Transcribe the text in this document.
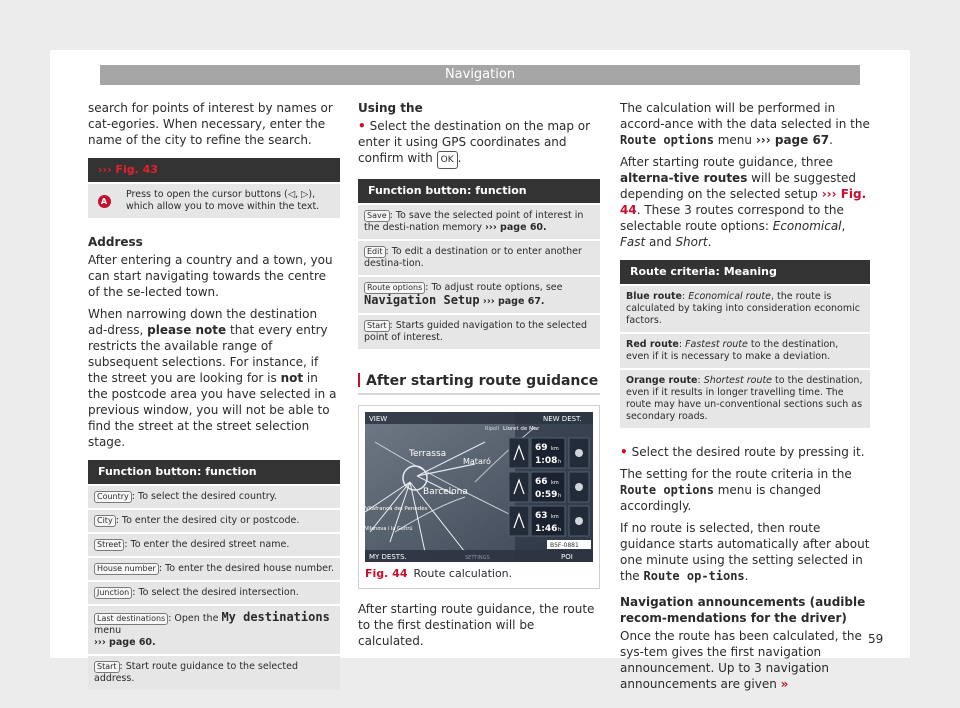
Navigation

search for points of interest by names or cat-egories. When necessary, enter the name of the city to refine the search.

››› Fig. 43
A	Press to open the cursor buttons (◁, ▷), which allow you to move within the text.

Address

After entering a country and a town, you can start navigating towards the centre of the se-lected town.

When narrowing down the destination ad-dress, please note that every entry restricts the available range of subsequent selections. For instance, if the street you are looking for is not in the postcode area you have selected in a previous window, you will not be able to find the street at the street selection stage.

Function button: function
Country : To select the desired country.
City : To enter the desired city or postcode.
Street : To enter the desired street name.
House number : To enter the desired house number.
Junction : To select the desired intersection.
Last destinations : Open the My destinations menu
››› page 60.
Start : Start route guidance to the selected address.

Using the

• Select the destination on the map or enter it using GPS coordinates and confirm with OK .

Function button: function
Save : To save the selected point of interest in the desti-nation memory ››› page 60.
Edit : To edit a destination or to enter another destina-tion.
Route options : To adjust route options, see Navigation Setup ››› page 67.
Start : Starts guided navigation to the selected point of interest.
After starting route guidance
VIEW	NEW DEST.
MY DESTS.	SETTINGS	POI
Lloret de Mar
Terrassa
Mataró
Barcelona
Vilafranca del Penedès
Vilanova i la Geltrú
Ripoll
69 km
1:08 h
66 km
0:59 h
63 km
1:46 h
B5F-0881
Fig. 44 Route calculation.

After starting route guidance, the route to the first destination will be calculated.

The calculation will be performed in accord-ance with the data selected in the Route options menu ››› page 67.

After starting route guidance, three alterna-tive routes will be suggested depending on the selected setup ››› Fig. 44. These 3 routes correspond to the selectable route options: Economical, Fast and Short.

Route criteria: Meaning
Blue route: Economical route, the route is calculated by taking into consideration economic factors.
Red route: Fastest route to the destination, even if it is necessary to make a deviation.
Orange route: Shortest route to the destination, even if it results in longer travelling time. The route may have un-conventional sections such as secondary roads.

• Select the desired route by pressing it.

The setting for the route criteria in the Route options menu is changed accordingly.

If no route is selected, then route guidance starts automatically after about one minute using the setting selected in the Route op-tions.

Navigation announcements (audible recom-mendations for the driver)

Once the route has been calculated, the sys-tem gives the first navigation announcement. Up to 3 navigation announcements are given »

59
